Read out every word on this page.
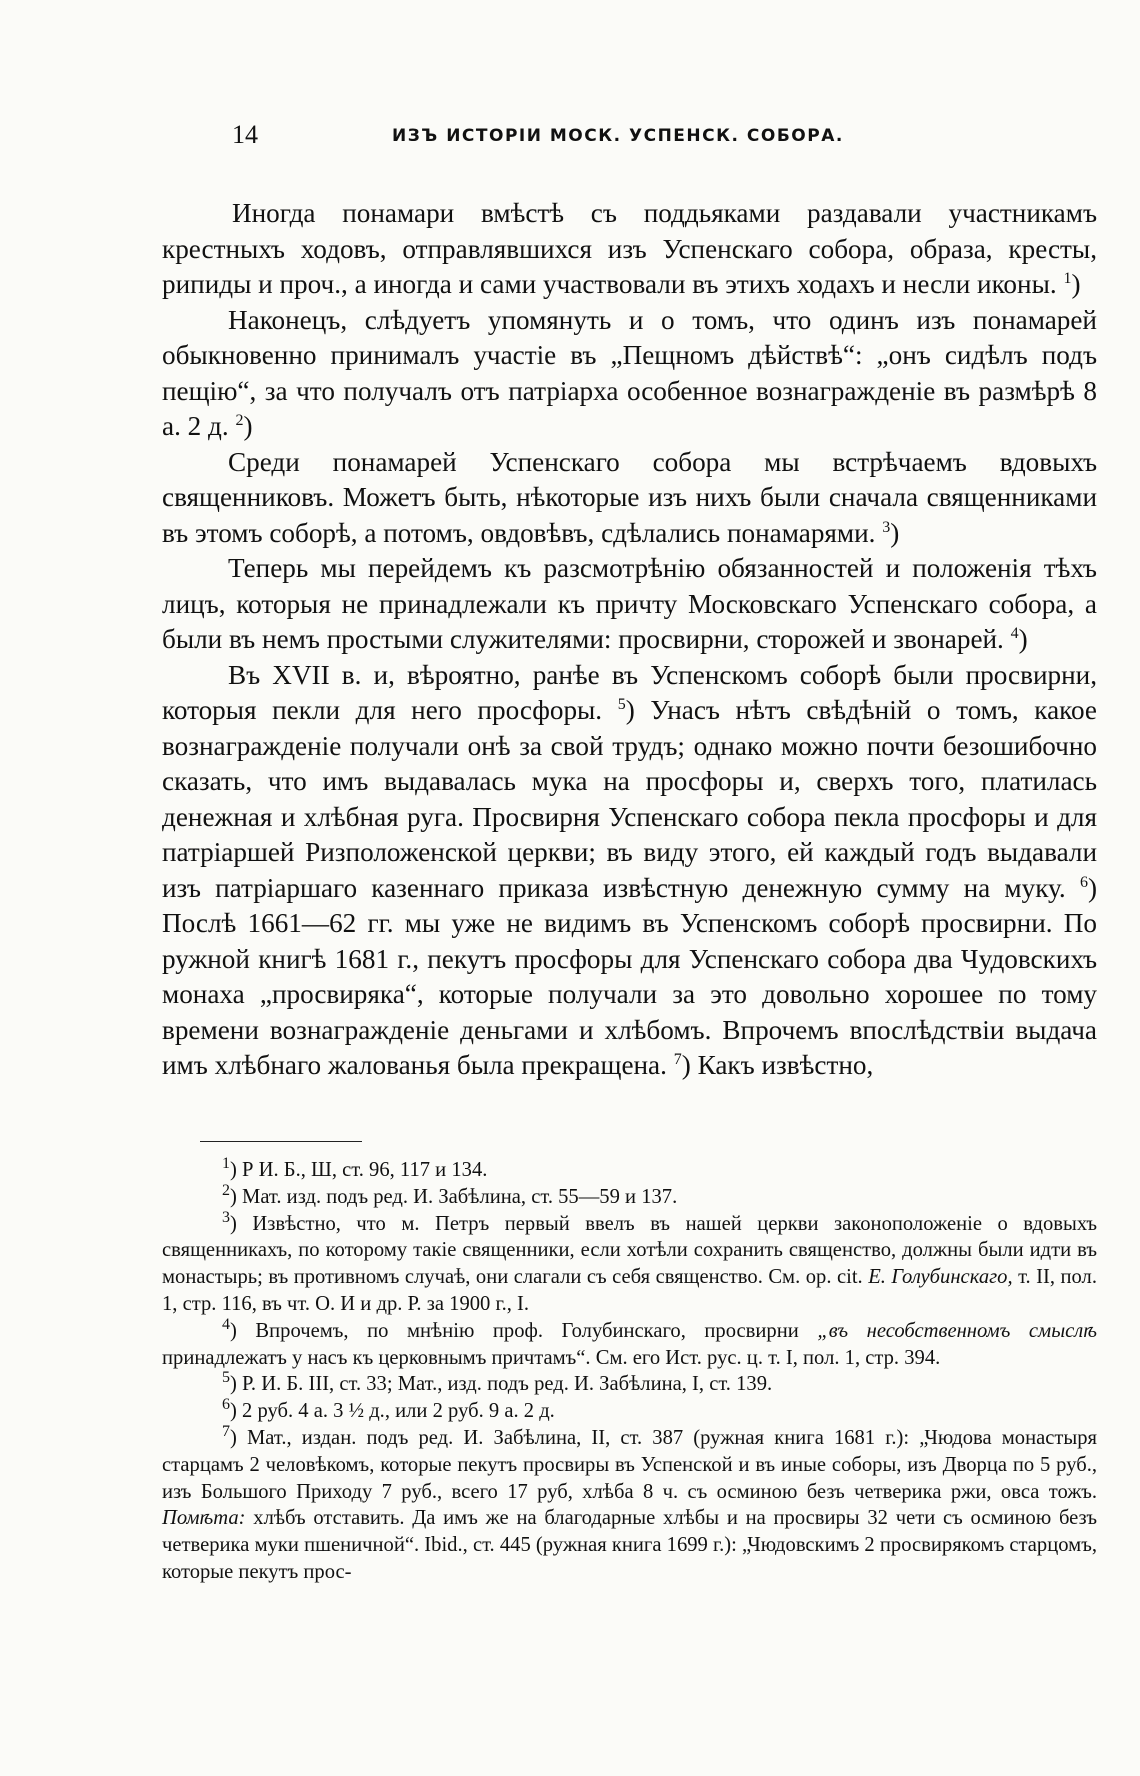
14	ИЗЪ ИСТОРІИ МОСК. УСПЕНСК. СОБОРА.

Иногда понамари вмѣстѣ съ поддьяками раздавали участникамъ крестныхъ ходовъ, отправлявшихся изъ Успенскаго собора, образа, кресты, рипиды и проч., а иногда и сами участвовали въ этихъ ходахъ и несли иконы. $^1$)

Наконецъ, слѣдуетъ упомянуть и о томъ, что одинъ изъ понамарей обыкновенно принималъ участіе въ „Пещномъ дѣйствѣ“: „онъ сидѣлъ подъ пещію“, за что получалъ отъ патріарха особенное вознагражденіе въ размѣрѣ 8 а. 2 д. $^2$)

Среди понамарей Успенскаго собора мы встрѣчаемъ вдовыхъ священниковъ. Можетъ быть, нѣкоторые изъ нихъ были сначала священниками въ этомъ соборѣ, а потомъ, овдовѣвъ, сдѣлались понамарями. $^3$)

Теперь мы перейдемъ къ разсмотрѣнію обязанностей и положенія тѣхъ лицъ, которыя не принадлежали къ причту Московскаго Успенскаго собора, а были въ немъ простыми служителями: просвирни, сторожей и звонарей. $^4$)

Въ XVII в. и, вѣроятно, ранѣе въ Успенскомъ соборѣ были просвирни, которыя пекли для него просфоры. $^5$) Унасъ нѣтъ свѣдѣній о томъ, какое вознагражденіе получали онѣ за свой трудъ; однако можно почти безошибочно сказать, что имъ выдавалась мука на просфоры и, сверхъ того, платилась денежная и хлѣбная руга. Просвирня Успенскаго собора пекла просфоры и для патріаршей Ризположенской церкви; въ виду этого, ей каждый годъ выдавали изъ патріаршаго казеннаго приказа извѣстную денежную сумму на муку. $^6$) Послѣ 1661—62 гг. мы уже не видимъ въ Успенскомъ соборѣ просвирни. По ружной книгѣ 1681 г., пекутъ просфоры для Успенскаго собора два Чудовскихъ монаха „просвиряка“, которые получали за это довольно хорошее по тому времени вознагражденіе деньгами и хлѣбомъ. Впрочемъ впослѣдствіи выдача имъ хлѣбнаго жалованья была прекращена. $^7$) Какъ извѣстно,

$^1$) Р И. Б., Ш, ст. 96, 117 и 134.

$^2$) Мат. изд. подъ ред. И. Забѣлина, ст. 55—59 и 137.

$^3$) Извѣстно, что м. Петръ первый ввелъ въ нашей церкви законоположеніе о вдовыхъ священникахъ, по которому такіе священники, если хотѣли сохранить священство, должны были идти въ монастырь; въ противномъ случаѣ, они слагали съ себя священство. См. ор. cit. Е. Голубинскаго, т. II, пол. 1, стр. 116, въ чт. О. И и др. Р. за 1900 г., I.

$^4$) Впрочемъ, по мнѣнію проф. Голубинскаго, просвирни „въ несобственномъ смыслѣ принадлежатъ у насъ къ церковнымъ причтамъ“. См. его Ист. рус. ц. т. I, пол. 1, стр. 394.

$^5$) Р. И. Б. III, ст. 33; Мат., изд. подъ ред. И. Забѣлина, I, ст. 139.

$^6$) 2 руб. 4 а. 3 ½ д., или 2 руб. 9 а. 2 д.

$^7$) Мат., издан. подъ ред. И. Забѣлина, II, ст. 387 (ружная книга 1681 г.): „Чюдова монастыря старцамъ 2 человѣкомъ, которые пекутъ просвиры въ Успенской и въ иные соборы, изъ Дворца по 5 руб., изъ Большого Приходу 7 руб., всего 17 руб, хлѣба 8 ч. съ осминою безъ четверика ржи, овса тожъ. Помѣта: хлѣбъ отставить. Да имъ же на благодарные хлѣбы и на просвиры 32 чети съ осминою безъ четверика муки пшеничной“. Ibid., ст. 445 (ружная книга 1699 г.): „Чюдовскимъ 2 просвирякомъ старцомъ, которые пекутъ прос-
